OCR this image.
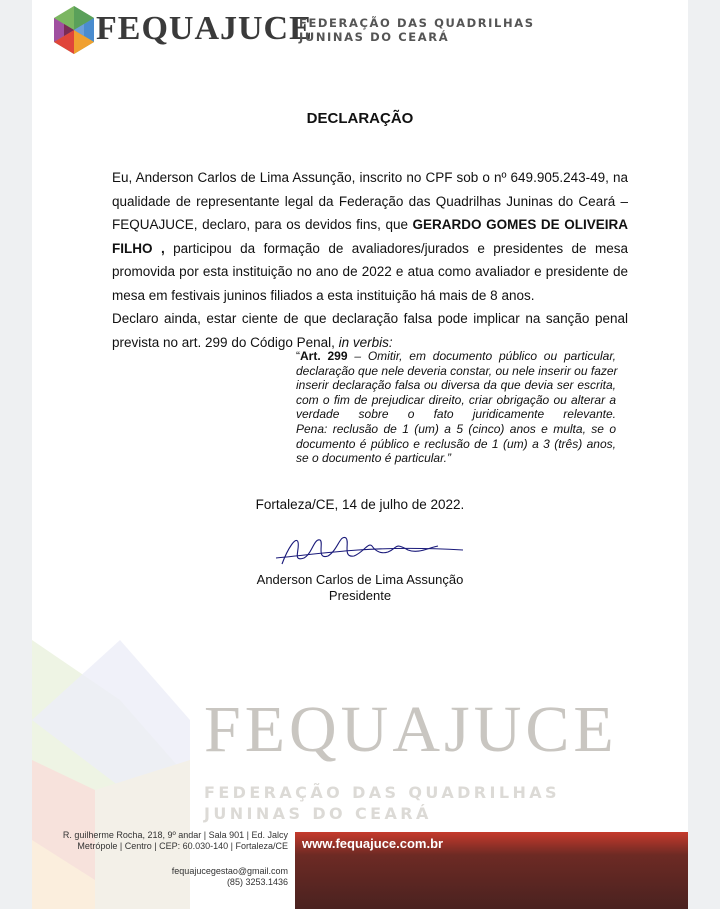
FEQUAJUCE
FEDERAÇÃO DAS QUADRILHAS
JUNINAS DO CEARÁ
DECLARAÇÃO
Eu, Anderson Carlos de Lima Assunção, inscrito no CPF sob o nº 649.905.243-49, na
qualidade de representante legal da Federação das Quadrilhas Juninas do Ceará –
FEQUAJUCE, declaro, para os devidos fins, que GERARDO GOMES DE OLIVEIRA
FILHO , participou da formação de avaliadores/jurados e presidentes de mesa
promovida por esta instituição no ano de 2022 e atua como avaliador e presidente de
mesa em festivais juninos filiados a esta instituição há mais de 8 anos.
Declaro ainda, estar ciente de que declaração falsa pode implicar na sanção penal
prevista no art. 299 do Código Penal, in verbis:
“Art. 299 – Omitir, em documento público ou particular,
declaração que nele deveria constar, ou nele inserir ou fazer
inserir declaração falsa ou diversa da que devia ser escrita,
com o fim de prejudicar direito, criar obrigação ou alterar a
verdade sobre o fato juridicamente relevante.
Pena: reclusão de 1 (um) a 5 (cinco) anos e multa, se o
documento é público e reclusão de 1 (um) a 3 (três) anos,
se o documento é particular.”
Fortaleza/CE, 14 de julho de 2022.
Anderson Carlos de Lima Assunção
Presidente
FEQUAJUCE
FEDERAÇÃO DAS QUADRILHAS
JUNINAS DO CEARÁ
R. guilherme Rocha, 218, 9º andar | Sala 901 | Ed. Jalcy
Metrópole | Centro | CEP: 60.030-140 | Fortaleza/CE
fequajucegestao@gmail.com
(85) 3253.1436
www.fequajuce.com.br
